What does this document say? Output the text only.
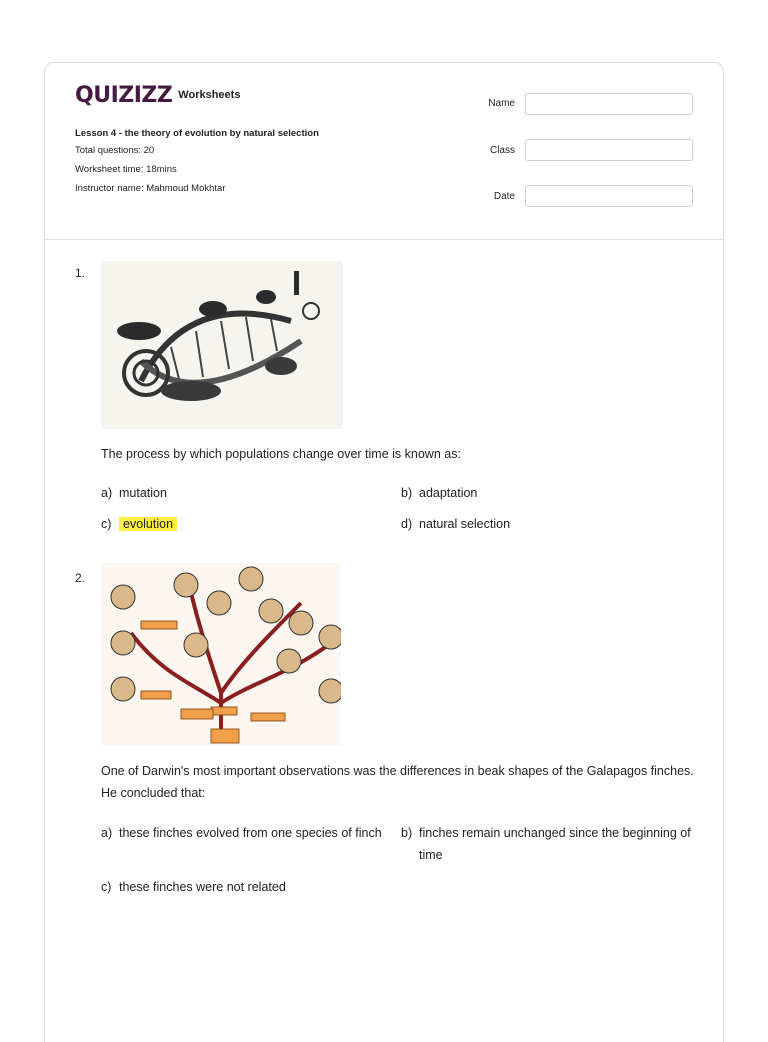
QUIZIZZ Worksheets
Lesson 4 - the theory of evolution by natural selection
Total questions: 20
Worksheet time: 18mins
Instructor name: Mahmoud Mokhtar
Name
Class
Date
1.
The process by which populations change over time is known as:
a) mutation	b) adaptation
c) evolution	d) natural selection
2.
One of Darwin's most important observations was the differences in beak shapes of the Galapagos finches. He concluded that:
a) these finches evolved from one species of finch	b) finches remain unchanged since the beginning of time
c) these finches were not related
